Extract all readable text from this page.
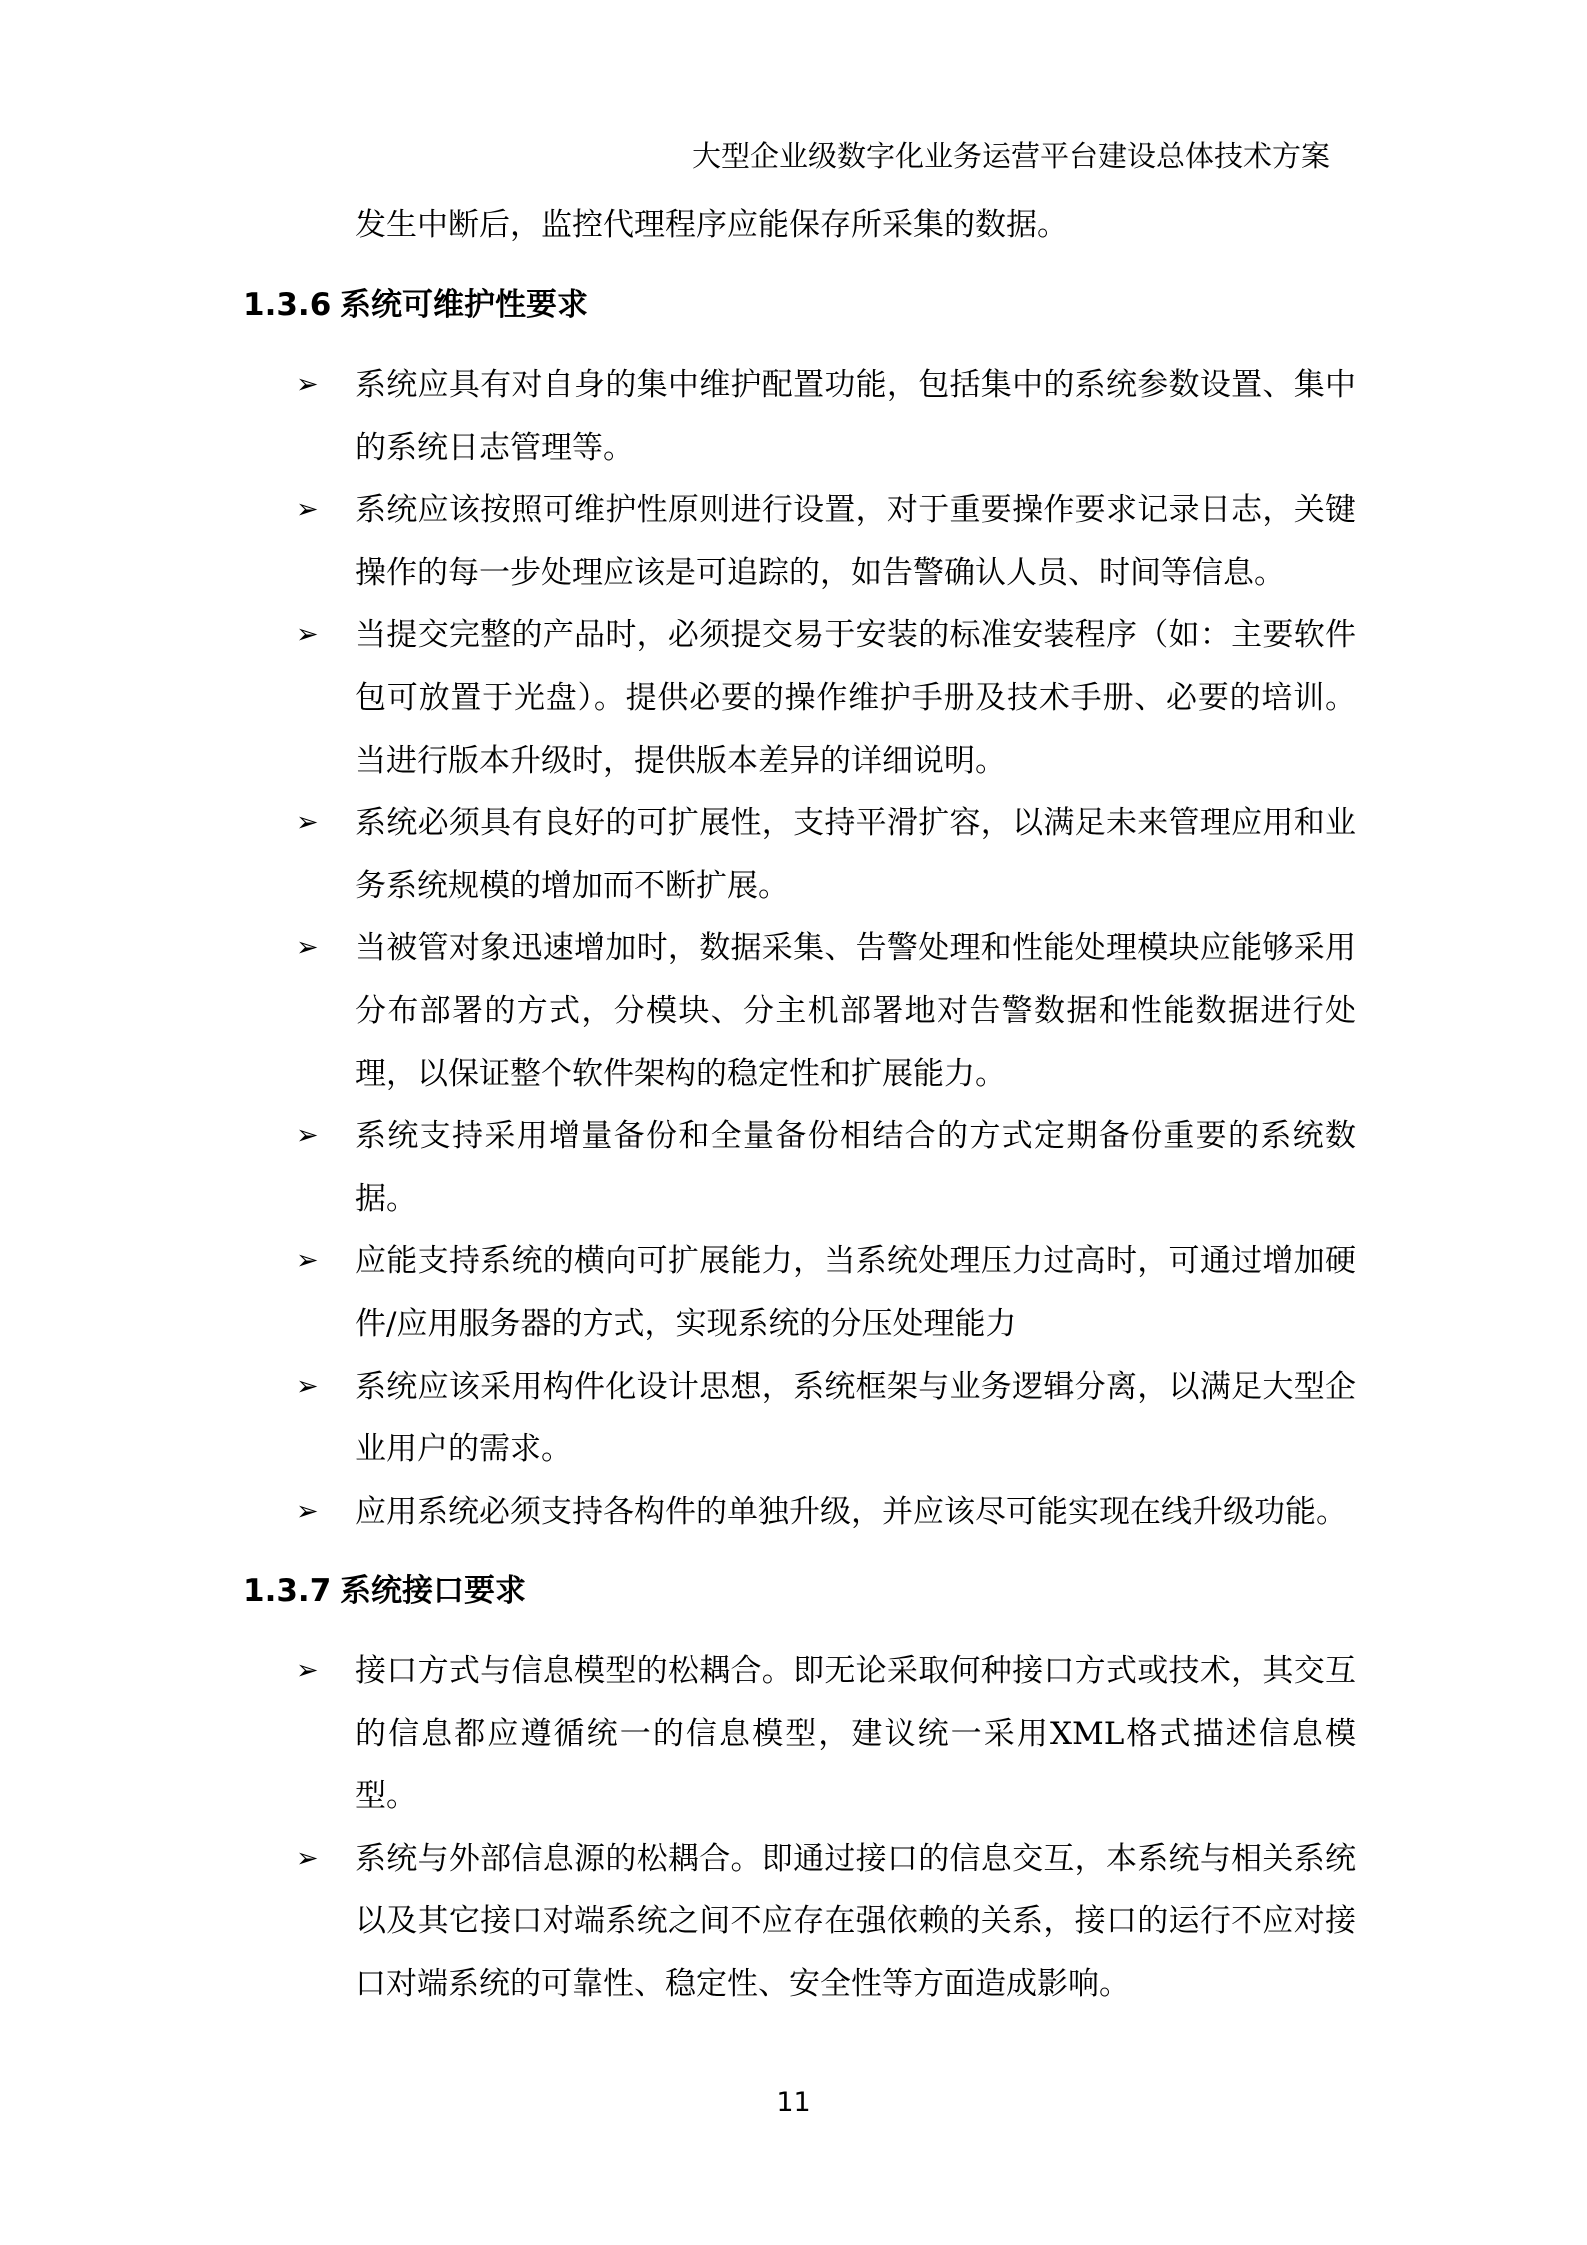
大型企业级数字化业务运营平台建设总体技术方案
发生中断后，监控代理程序应能保存所采集的数据。
1.3.6 系统可维护性要求
➢ 系统应具有对自身的集中维护配置功能，包括集中的系统参数设置、集中的系统日志管理等。
➢ 系统应该按照可维护性原则进行设置，对于重要操作要求记录日志，关键操作的每一步处理应该是可追踪的，如告警确认人员、时间等信息。
➢ 当提交完整的产品时，必须提交易于安装的标准安装程序（如：主要软件包可放置于光盘）。提供必要的操作维护手册及技术手册、必要的培训。当进行版本升级时，提供版本差异的详细说明。
➢ 系统必须具有良好的可扩展性，支持平滑扩容，以满足未来管理应用和业务系统规模的增加而不断扩展。
➢ 当被管对象迅速增加时，数据采集、告警处理和性能处理模块应能够采用分布部署的方式，分模块、分主机部署地对告警数据和性能数据进行处理，以保证整个软件架构的稳定性和扩展能力。
➢ 系统支持采用增量备份和全量备份相结合的方式定期备份重要的系统数据。
➢ 应能支持系统的横向可扩展能力，当系统处理压力过高时，可通过增加硬件/应用服务器的方式，实现系统的分压处理能力
➢ 系统应该采用构件化设计思想，系统框架与业务逻辑分离，以满足大型企业用户的需求。
➢ 应用系统必须支持各构件的单独升级，并应该尽可能实现在线升级功能。
1.3.7 系统接口要求
➢ 接口方式与信息模型的松耦合。即无论采取何种接口方式或技术，其交互的信息都应遵循统一的信息模型，建议统一采用XML格式描述信息模型。
➢ 系统与外部信息源的松耦合。即通过接口的信息交互，本系统与相关系统以及其它接口对端系统之间不应存在强依赖的关系，接口的运行不应对接口对端系统的可靠性、稳定性、安全性等方面造成影响。
11
